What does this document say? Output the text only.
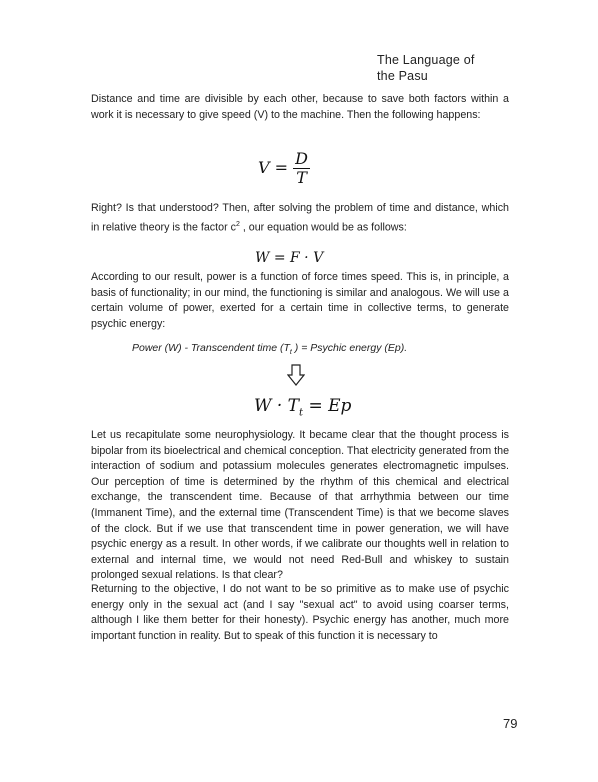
The Language of
the Pasu

Distance and time are divisible by each other, because to save both factors within a work it is necessary to give speed (V) to the machine. Then the following happens:

$V = \frac{D}{T}$

Right? Is that understood? Then, after solving the problem of time and distance, which in relative theory is the factor $c^2$ , our equation would be as follows:

W = F · V

According to our result, power is a function of force times speed. This is, in principle, a basis of functionality; in our mind, the functioning is similar and analogous. We will use a certain volume of power, exerted for a certain time in collective terms, to generate psychic energy:

Power (W) - Transcendent time ($T_t$ ) = Psychic energy (Ep).
$W \cdot T_t = Ep$

Let us recapitulate some neurophysiology. It became clear that the thought process is bipolar from its bioelectrical and chemical conception. That electricity generated from the interaction of sodium and potassium molecules generates electromagnetic impulses. Our perception of time is determined by the rhythm of this chemical and electrical exchange, the transcendent time. Because of that arrhythmia between our time (Immanent Time), and the external time (Transcendent Time) is that we become slaves of the clock. But if we use that transcendent time in power generation, we will have psychic energy as a result. In other words, if we calibrate our thoughts well in relation to external and internal time, we would not need Red-Bull and whiskey to sustain prolonged sexual relations. Is that clear?

Returning to the objective, I do not want to be so primitive as to make use of psychic energy only in the sexual act (and I say "sexual act" to avoid using coarser terms, although I like them better for their honesty). Psychic energy has another, much more important function in reality. But to speak of this function it is necessary to

79
